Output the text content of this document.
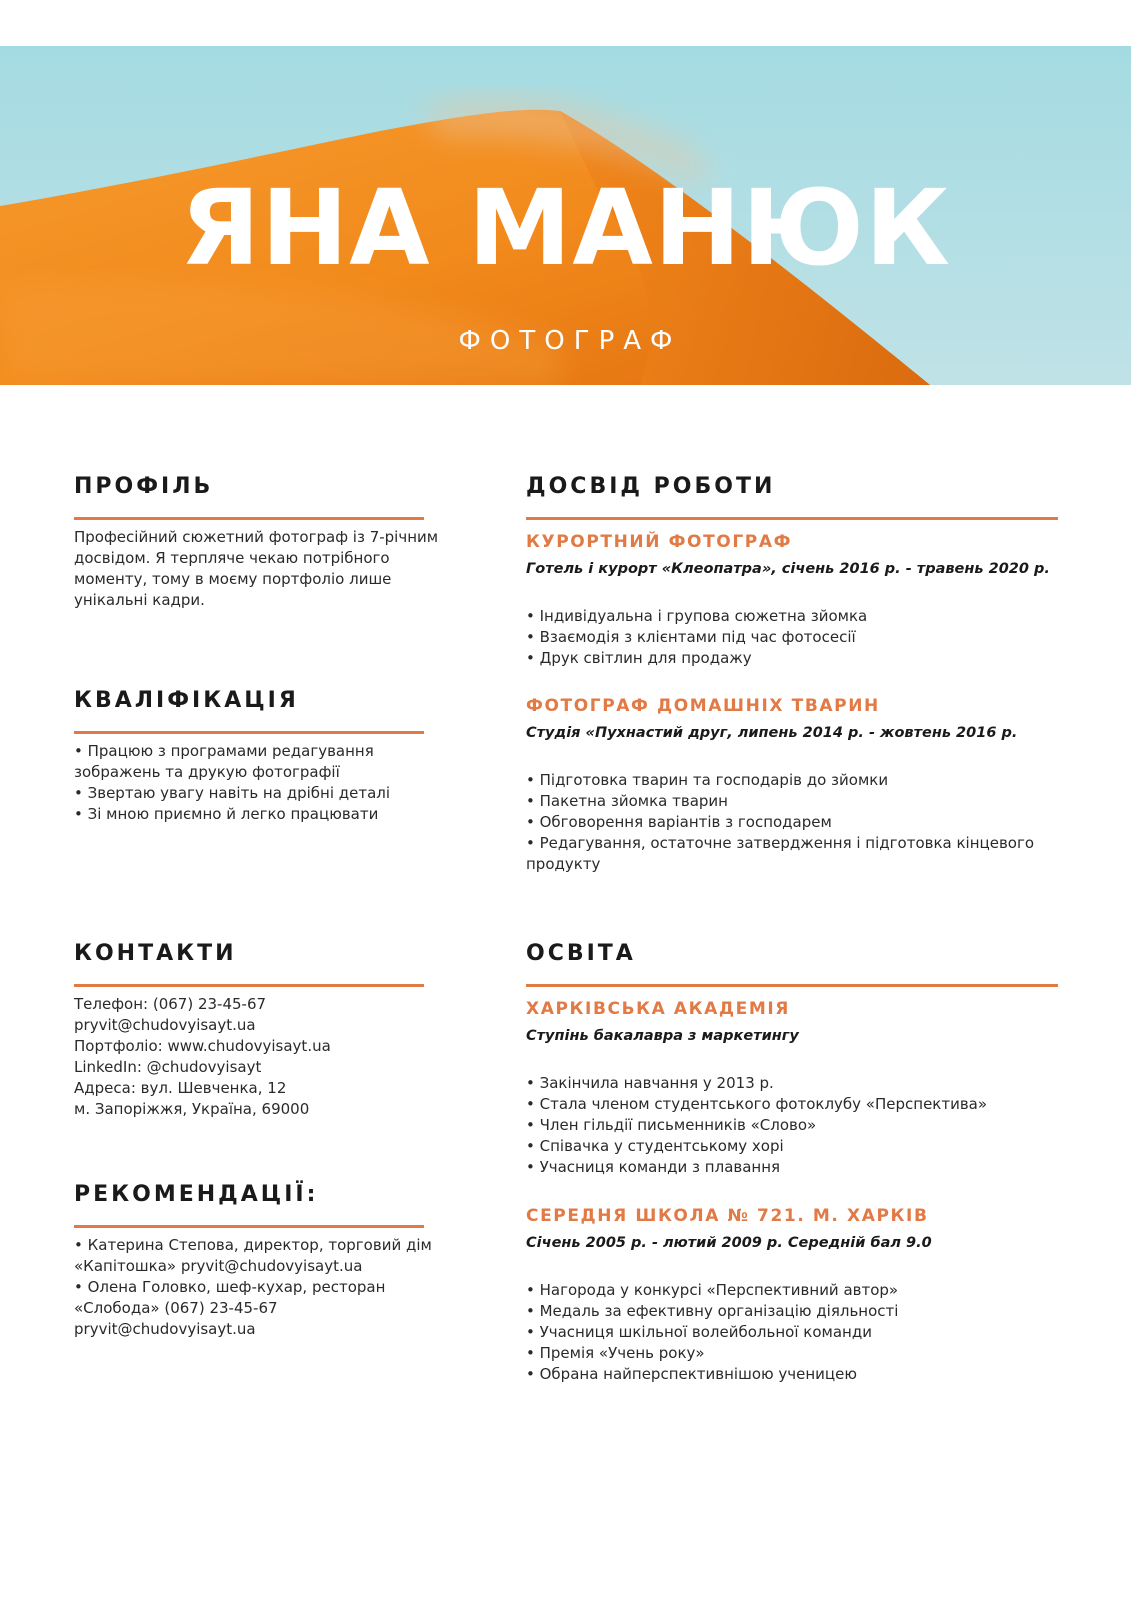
ЯНА МАНЮК
ФОТОГРАФ
ПРОФІЛЬ
Професійний сюжетний фотограф із 7-річним
досвідом. Я терпляче чекаю потрібного
моменту, тому в моєму портфоліо лише
унікальні кадри.
КВАЛІФІКАЦІЯ
• Працюю з програмами редагування
зображень та друкую фотографії
• Звертаю увагу навіть на дрібні деталі
• Зі мною приємно й легко працювати
КОНТАКТИ
Телефон: (067) 23-45-67
pryvit@chudovyisayt.ua
Портфоліо: www.chudovyisayt.ua
LinkedIn: @chudovyisayt
Адреса: вул. Шевченка, 12
м. Запоріжжя, Україна, 69000
РЕКОМЕНДАЦІЇ:
• Катерина Степова, директор, торговий дім
«Капітошка» pryvit@chudovyisayt.ua
• Олена Головко, шеф-кухар, ресторан
«Слобода» (067) 23-45-67
pryvit@chudovyisayt.ua
ДОСВІД РОБОТИ
КУРОРТНИЙ ФОТОГРАФ
Готель і курорт «Клеопатра», січень 2016 р. - травень 2020 р.
• Індивідуальна і групова сюжетна зйомка
• Взаємодія з клієнтами під час фотосесії
• Друк світлин для продажу
ФОТОГРАФ ДОМАШНІХ ТВАРИН
Студія «Пухнастий друг, липень 2014 р. - жовтень 2016 р.
• Підготовка тварин та господарів до зйомки
• Пакетна зйомка тварин
• Обговорення варіантів з господарем
• Редагування, остаточне затвердження і підготовка кінцевого
продукту
ОСВІТА
ХАРКІВСЬКА АКАДЕМІЯ
Ступінь бакалавра з маркетингу
• Закінчила навчання у 2013 р.
• Стала членом студентського фотоклубу «Перспектива»
• Член гільдії письменників «Слово»
• Співачка у студентському хорі
• Учасниця команди з плавання
СЕРЕДНЯ ШКОЛА № 721. М. ХАРКІВ
Січень 2005 р. - лютий 2009 р. Середній бал 9.0
• Нагорода у конкурсі «Перспективний автор»
• Медаль за ефективну організацію діяльності
• Учасниця шкільної волейбольної команди
• Премія «Учень року»
• Обрана найперспективнішою ученицею
